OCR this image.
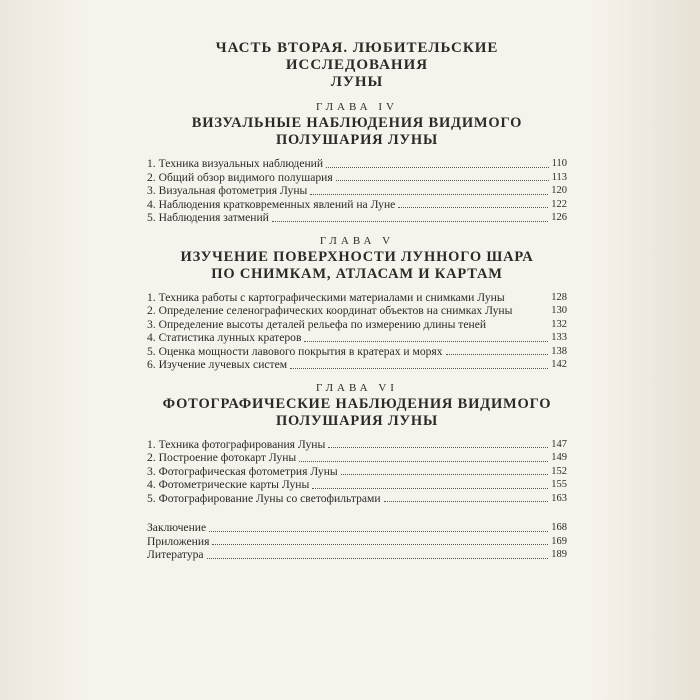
ЧАСТЬ ВТОРАЯ. ЛЮБИТЕЛЬСКИЕ ИССЛЕДОВАНИЯ
ЛУНЫ
ГЛАВА IV
ВИЗУАЛЬНЫЕ НАБЛЮДЕНИЯ ВИДИМОГО
ПОЛУШАРИЯ ЛУНЫ
1. Техника визуальных наблюдений	110
2. Общий обзор видимого полушария	113
3. Визуальная фотометрия Луны	120
4. Наблюдения кратковременных явлений на Луне	122
5. Наблюдения затмений	126
ГЛАВА V
ИЗУЧЕНИЕ ПОВЕРХНОСТИ ЛУННОГО ШАРА
ПО СНИМКАМ, АТЛАСАМ И КАРТАМ
1. Техника работы с картографическими материалами и снимками Луны	128
2. Определение селенографических координат объектов на снимках Луны	130
3. Определение высоты деталей рельефа по измерению длины теней	132
4. Статистика лунных кратеров	133
5. Оценка мощности лавового покрытия в кратерах и морях	138
6. Изучение лучевых систем	142
ГЛАВА VI
ФОТОГРАФИЧЕСКИЕ НАБЛЮДЕНИЯ ВИДИМОГО
ПОЛУШАРИЯ ЛУНЫ
1. Техника фотографирования Луны	147
2. Построение фотокарт Луны	149
3. Фотографическая фотометрия Луны	152
4. Фотометрические карты Луны	155
5. Фотографирование Луны со светофильтрами	163
Заключение	168
Приложения	169
Литература	189
